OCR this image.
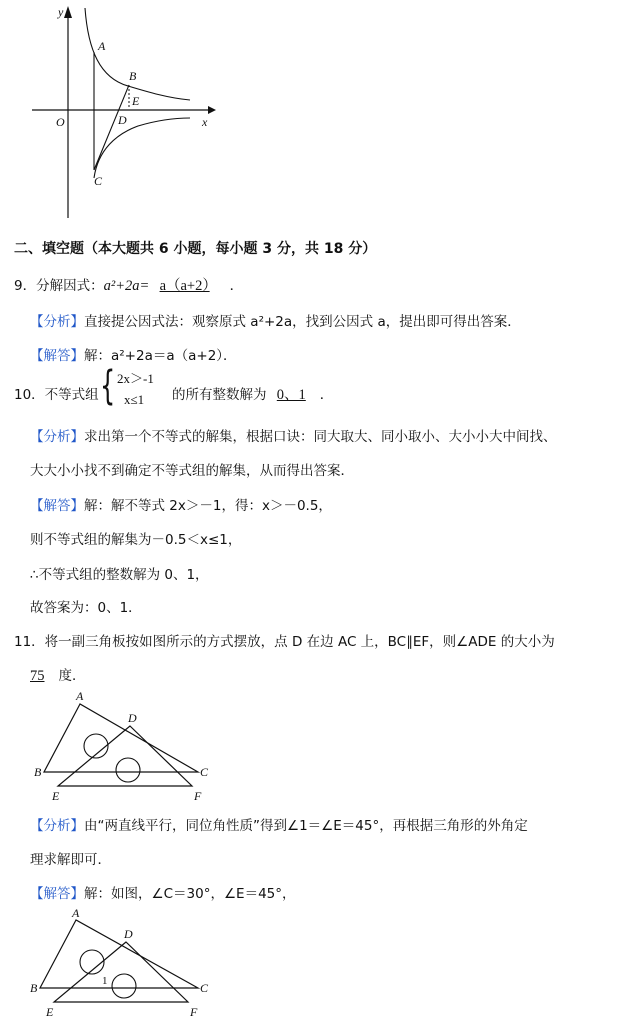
y
x
O
A
B
E
D
C
二、填空题（本大题共 6 小题，每小题 3 分，共 18 分）
9．分解因式：a²+2a= a（a+2） ．
【分析】直接提公因式法：观察原式 a²+2a，找到公因式 a，提出即可得出答案．
【解答】解：a²+2a＝a（a+2）．
10．不等式组 { 2x＞-1
x≤1 的所有整数解为 0、1 ．
【分析】求出第一个不等式的解集，根据口诀：同大取大、同小取小、大小小大中间找、
大大小小找不到确定不等式组的解集，从而得出答案．
【解答】解：解不等式 2x＞－1，得：x＞－0.5，
则不等式组的解集为－0.5＜x≤1，
∴不等式组的整数解为 0、1，
故答案为：0、1．
11．将一副三角板按如图所示的方式摆放，点 D 在边 AC 上，BC∥EF，则∠ADE 的大小为
75 度．
A
D
B	C
E	F
【分析】由“两直线平行，同位角性质”得到∠1＝∠E＝45°，再根据三角形的外角定
理求解即可．
【解答】解：如图，∠C＝30°，∠E＝45°，
A
D
B	C
E	F
1
